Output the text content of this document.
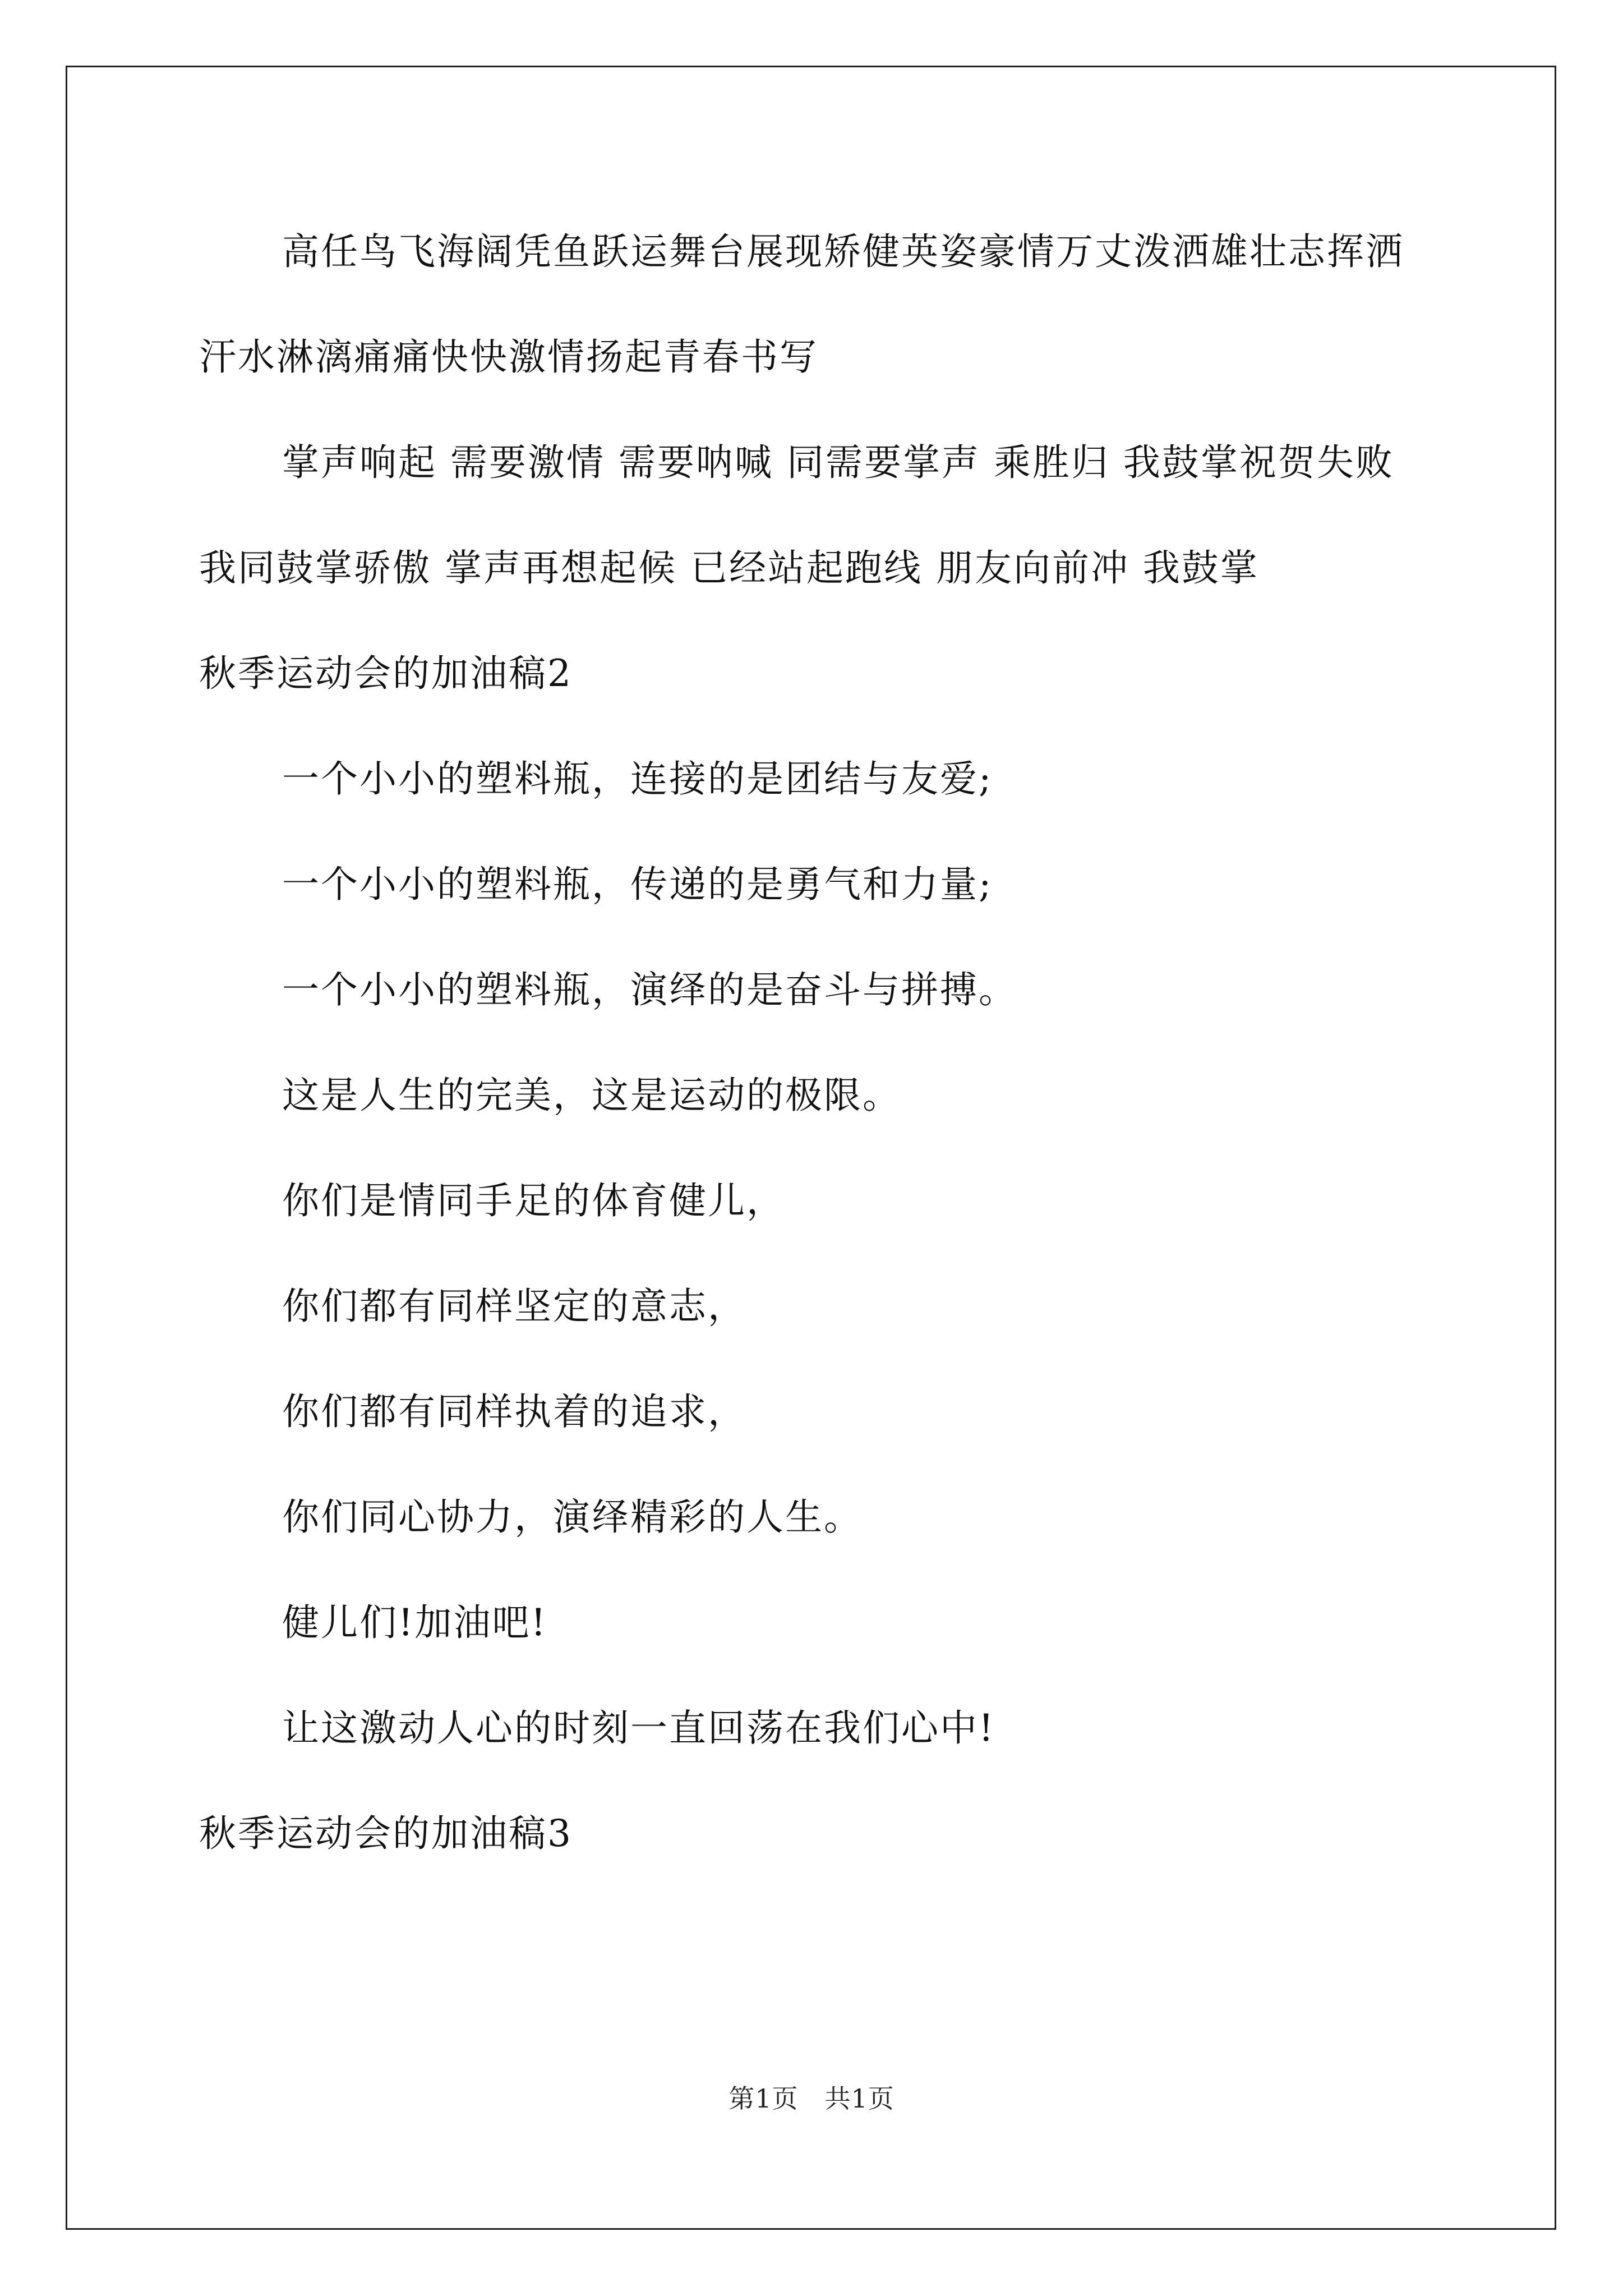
高任鸟飞海阔凭鱼跃运舞台展现矫健英姿豪情万丈泼洒雄壮志挥洒汗水淋漓痛痛快快激情扬起青春书写

掌声响起 需要激情 需要呐喊 同需要掌声 乘胜归 我鼓掌祝贺失败 我同鼓掌骄傲 掌声再想起候 已经站起跑线 朋友向前冲 我鼓掌

秋季运动会的加油稿2

一个小小的塑料瓶，连接的是团结与友爱;

一个小小的塑料瓶，传递的是勇气和力量;

一个小小的塑料瓶，演绎的是奋斗与拼搏。

这是人生的完美，这是运动的极限。

你们是情同手足的体育健儿，

你们都有同样坚定的意志，

你们都有同样执着的追求，

你们同心协力，演绎精彩的人生。

健儿们!加油吧!

让这激动人心的时刻一直回荡在我们心中!

秋季运动会的加油稿3

第1页 共1页
